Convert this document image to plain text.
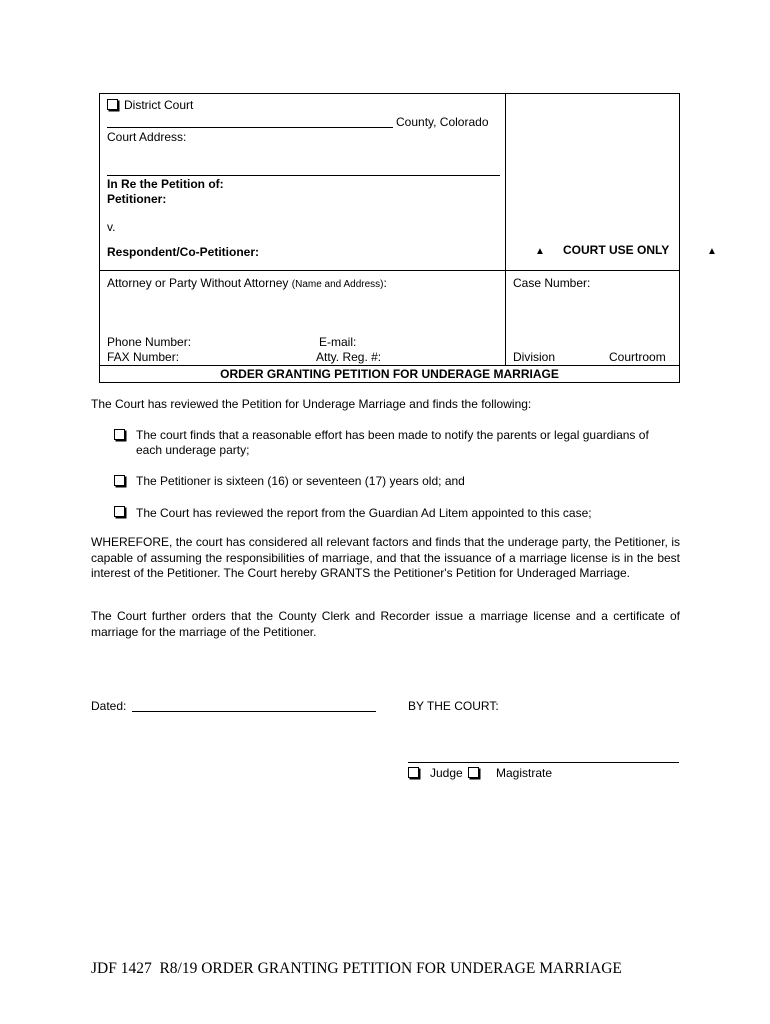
District Court
County, Colorado
Court Address:
In Re the Petition of:
Petitioner:
v.
Respondent/Co-Petitioner:	▲ COURT USE ONLY	▲
Attorney or Party Without Attorney (Name and Address):	Case Number:
Phone Number:	E-mail:
FAX Number:	Atty. Reg. #:	Division	Courtroom
ORDER GRANTING PETITION FOR UNDERAGE MARRIAGE
The Court has reviewed the Petition for Underage Marriage and finds the following:
The court finds that a reasonable effort has been made to notify the parents or legal guardians of
each underage party;
The Petitioner is sixteen (16) or seventeen (17) years old; and
The Court has reviewed the report from the Guardian Ad Litem appointed to this case;
WHEREFORE, the court has considered all relevant factors and finds that the underage party, the Petitioner, is capable of assuming the responsibilities of marriage, and that the issuance of a marriage license is in the best interest of the Petitioner. The Court hereby GRANTS the Petitioner's Petition for Underaged Marriage.
The Court further orders that the County Clerk and Recorder issue a marriage license and a certificate of marriage for the marriage of the Petitioner.
Dated:	BY THE COURT:
Judge	Magistrate
JDF 1427  R8/19 ORDER GRANTING PETITION FOR UNDERAGE MARRIAGE
